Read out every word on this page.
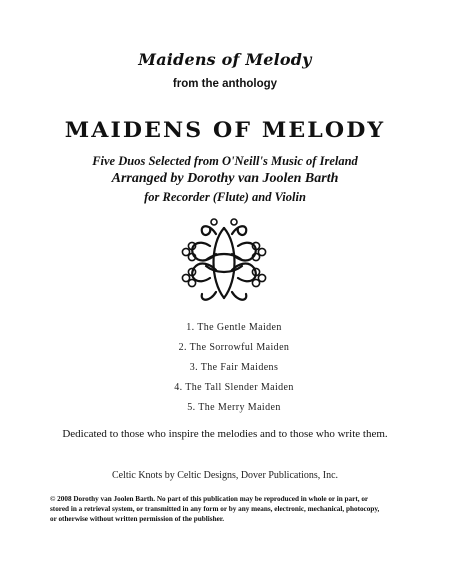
Maidens of Melody
from the anthology
MAIDENS OF MELODY
Five Duos Selected from O'Neill's Music of Ireland
Arranged by Dorothy van Joolen Barth
for Recorder (Flute) and Violin
1. The Gentle Maiden
2. The Sorrowful Maiden
3. The Fair Maidens
4. The Tall Slender Maiden
5. The Merry Maiden
Dedicated to those who inspire the melodies and to those who write them.
Celtic Knots by Celtic Designs, Dover Publications, Inc.
© 2008 Dorothy van Joolen Barth. No part of this publication may be reproduced in whole or in part, or
stored in a retrieval system, or transmitted in any form or by any means, electronic, mechanical, photocopy,
or otherwise without written permission of the publisher.
